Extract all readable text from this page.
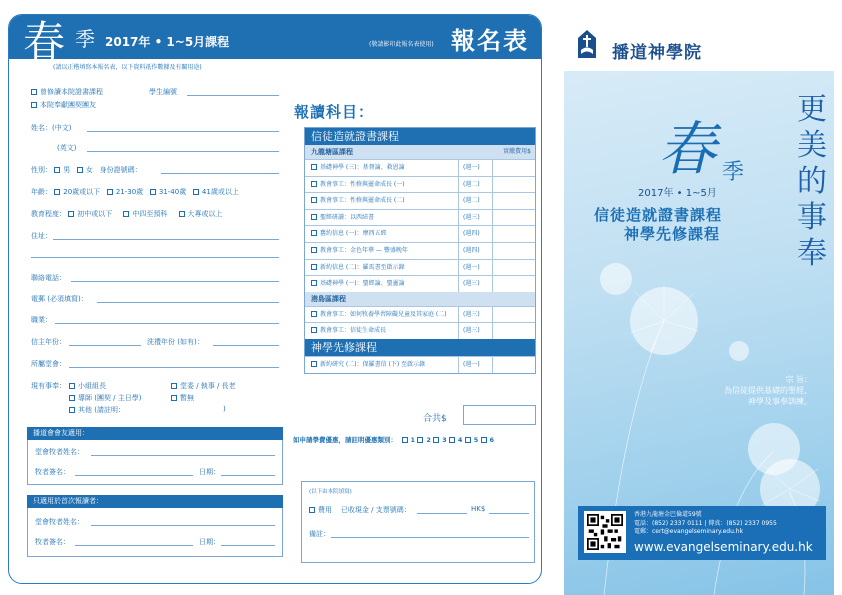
春 季 2017年 • 1~5月課程	(敬請影印此報名表使用) 報名表
(請以正楷填寫本報名表，以下資料祇作數據及有關用途)
曾修讀本院證書課程	學生編號
本院奉獻團契團友
姓名：(中文)
(英文)
性別： 男 女 身份證號碼：
年齡： 20歲或以下 21-30歲 31-40歲 41歲或以上
教育程度： 初中或以下	中四至預科	大專或以上
住址：
聯絡電話：
電郵 (必須填寫)：
職業：
信主年份：	洗禮年份 (如有)：
所屬堂會：
現有事奉：	小組組長	堂委 / 執事 / 長老
導師 (團契 / 主日學)	暫無
其他 (請註明：	)
播道會會友適用：
堂會牧者姓名：
牧者簽名：	日期：
只適用於首次報讀者：
堂會牧者姓名：
牧者簽名：	日期：
報讀科目：
信徒造就證書課程
九龍塘區課程	實繳費用$
基礎神學 (三)：基督論、救恩論	(週一)
教會事工：性格與靈命成長 (一)	(週二)
教會事工：性格與靈命成長 (二)	(週二)
聖經研讀：以西結書	(週三)
舊約信息 (一)：摩西五經	(週四)
教會事工：金色年華 — 豐盛晚年	(週四)
新約信息 (二)：羅馬書至啟示錄	(週一)
基礎神學 (一)：聖經論、聖靈論	(週三)
港島區課程
教會事工：如何牧養學習障礙兒童及其家庭 (二)	(週三)
教會事工：信徒生命成長	(週三)
神學先修課程
新約研究 (二)：保羅書信 (下) 至啟示錄	(週一)
合共$
如申請學費優惠，請註明優惠類別： 1 2 3 4 5 6
(以下由本院填寫)
費用 已收現金 / 支票號碼：	HK$
備註：
播道神學院
更
美
的
事
奉
春 季
2017年 • 1~5月
信徒造就證書課程
神學先修課程
宗 旨：
為信徒提供基礎的聖經、
神學及事奉訓練。
香港九龍塘金巴倫道59號
電話：(852) 2337 0111 | 傳真：(852) 2337 0955
電郵：cert@evangelseminary.edu.hk
www.evangelseminary.edu.hk
